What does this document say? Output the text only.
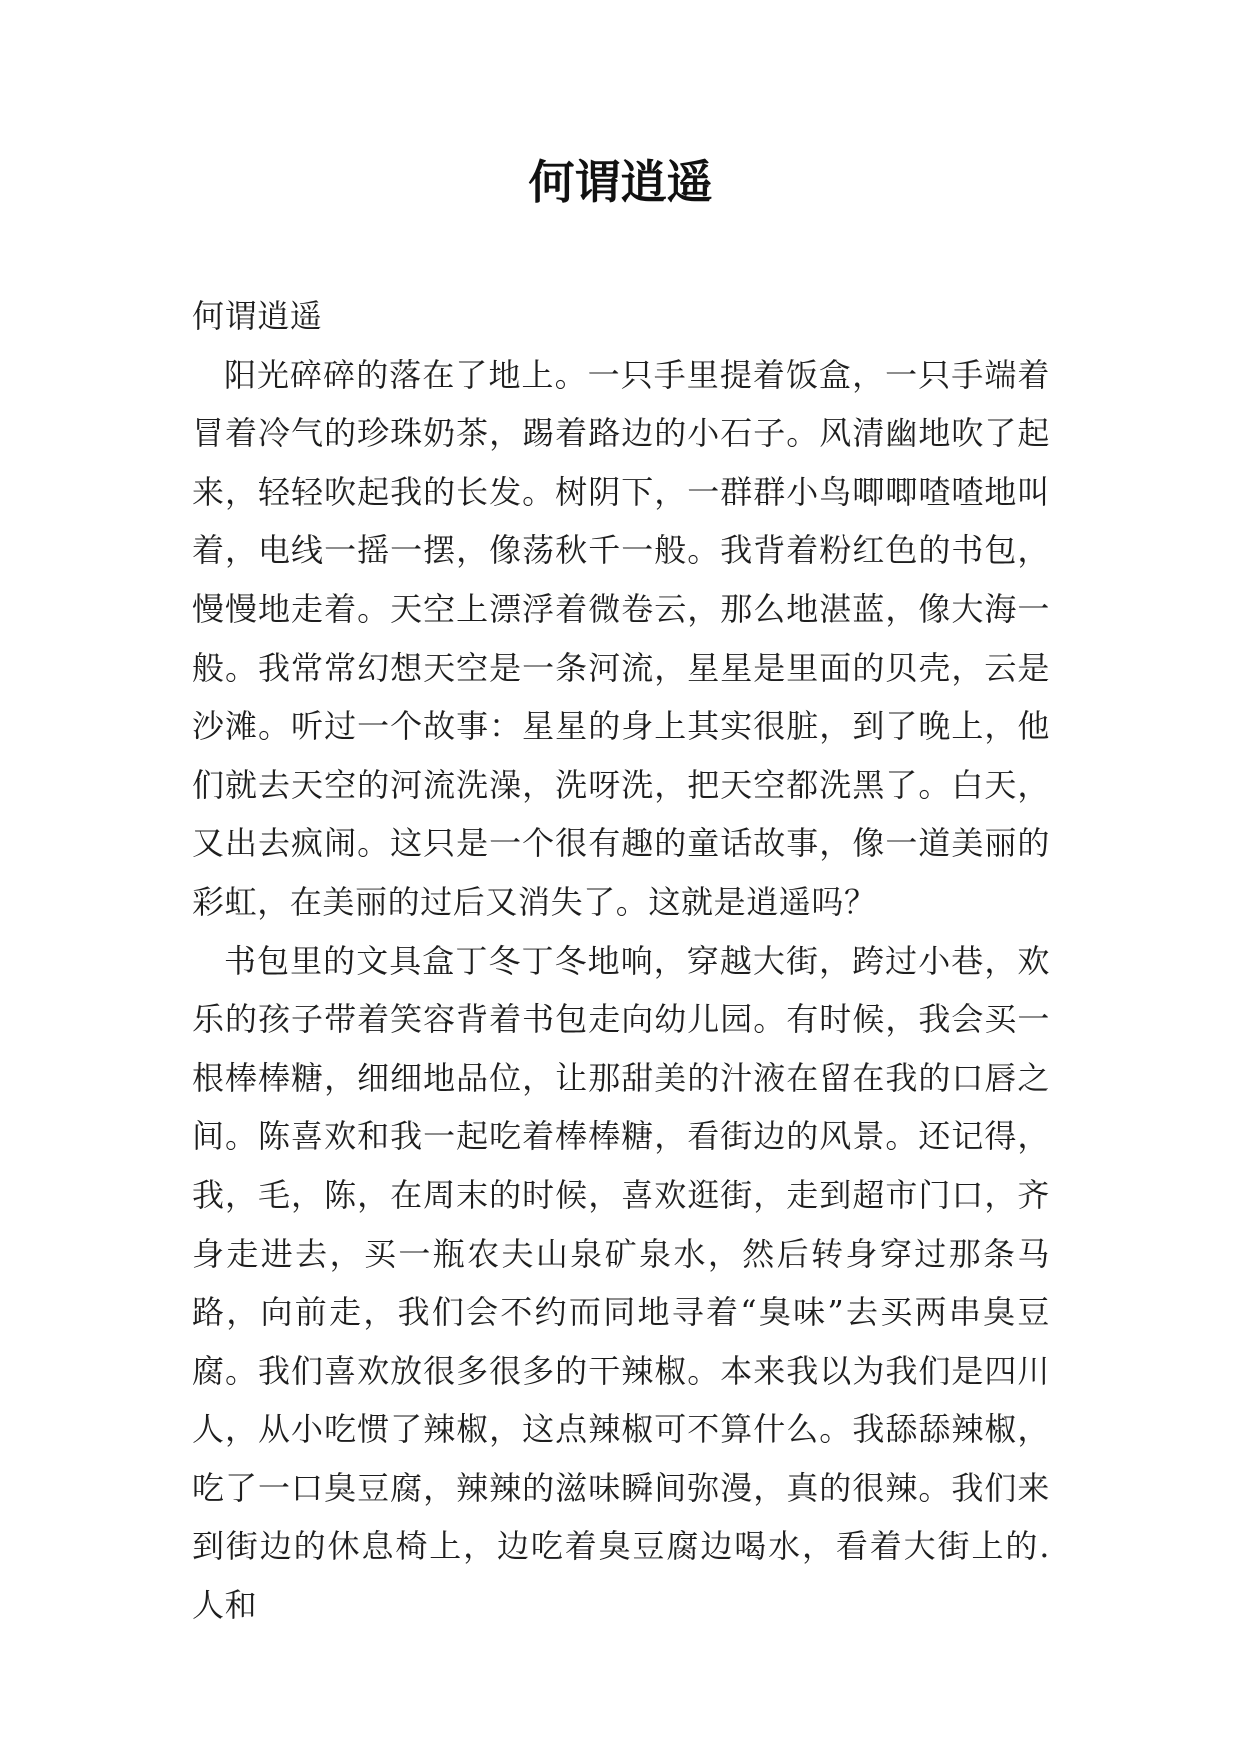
何谓逍遥

何谓逍遥

阳光碎碎的落在了地上。一只手里提着饭盒，一只手端着冒着冷气的珍珠奶茶，踢着路边的小石子。风清幽地吹了起来，轻轻吹起我的长发。树阴下，一群群小鸟唧唧喳喳地叫着，电线一摇一摆，像荡秋千一般。我背着粉红色的书包，慢慢地走着。天空上漂浮着微卷云，那么地湛蓝，像大海一般。我常常幻想天空是一条河流，星星是里面的贝壳，云是沙滩。听过一个故事：星星的身上其实很脏，到了晚上，他们就去天空的河流洗澡，洗呀洗，把天空都洗黑了。白天，又出去疯闹。这只是一个很有趣的童话故事，像一道美丽的彩虹，在美丽的过后又消失了。这就是逍遥吗？

书包里的文具盒丁冬丁冬地响，穿越大街，跨过小巷，欢乐的孩子带着笑容背着书包走向幼儿园。有时候，我会买一根棒棒糖，细细地品位，让那甜美的汁液在留在我的口唇之间。陈喜欢和我一起吃着棒棒糖，看街边的风景。还记得，我，毛，陈，在周末的时候，喜欢逛街，走到超市门口，齐身走进去，买一瓶农夫山泉矿泉水，然后转身穿过那条马路，向前走，我们会不约而同地寻着“臭味”去买两串臭豆腐。我们喜欢放很多很多的干辣椒。本来我以为我们是四川人，从小吃惯了辣椒，这点辣椒可不算什么。我舔舔辣椒，吃了一口臭豆腐，辣辣的滋味瞬间弥漫，真的很辣。我们来到街边的休息椅上，边吃着臭豆腐边喝水，看着大街上的.人和
